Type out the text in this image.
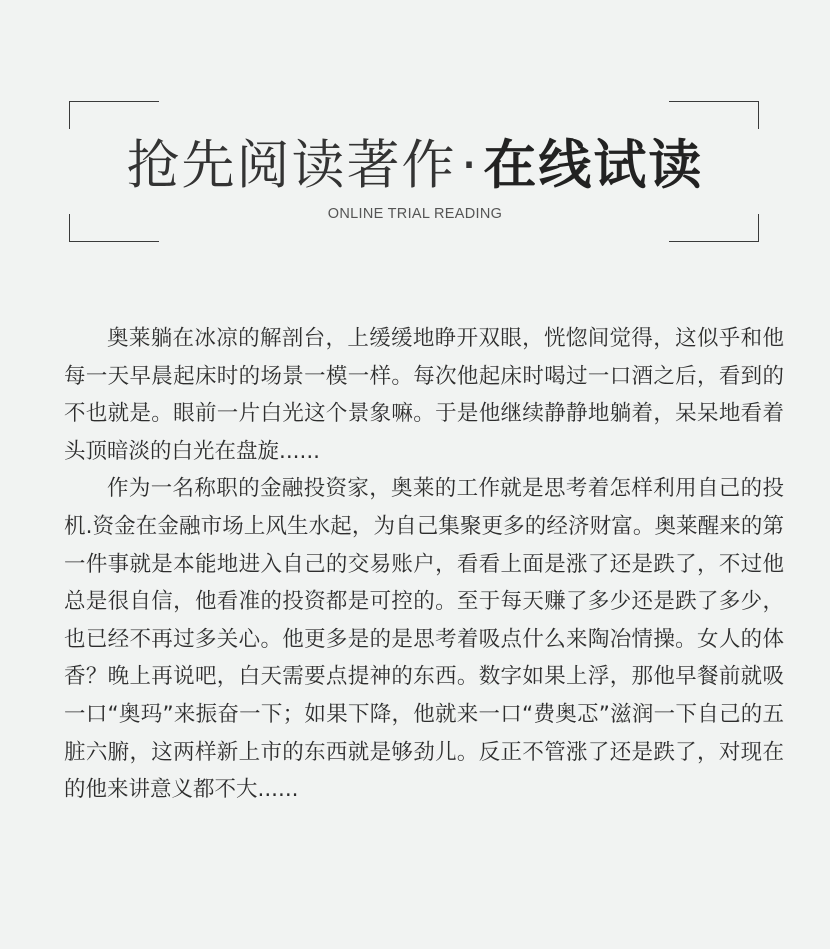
抢先阅读著作·在线试读
ONLINE TRIAL READING

奥莱躺在冰凉的解剖台，上缓缓地睁开双眼，恍惚间觉得，这似乎和他每一天早晨起床时的场景一模一样。每次他起床时喝过一口酒之后，看到的不也就是。眼前一片白光这个景象嘛。于是他继续静静地躺着，呆呆地看着头顶暗淡的白光在盘旋......

作为一名称职的金融投资家，奥莱的工作就是思考着怎样利用自己的投机.资金在金融市场上风生水起，为自己集聚更多的经济财富。奥莱醒来的第一件事就是本能地进入自己的交易账户，看看上面是涨了还是跌了，不过他总是很自信，他看准的投资都是可控的。至于每天赚了多少还是跌了多少，也已经不再过多关心。他更多是的是思考着吸点什么来陶冶情操。女人的体香？晚上再说吧，白天需要点提神的东西。数字如果上浮，那他早餐前就吸一口“奥玛”来振奋一下；如果下降，他就来一口“费奥忑”滋润一下自己的五脏六腑，这两样新上市的东西就是够劲儿。反正不管涨了还是跌了，对现在的他来讲意义都不大......
